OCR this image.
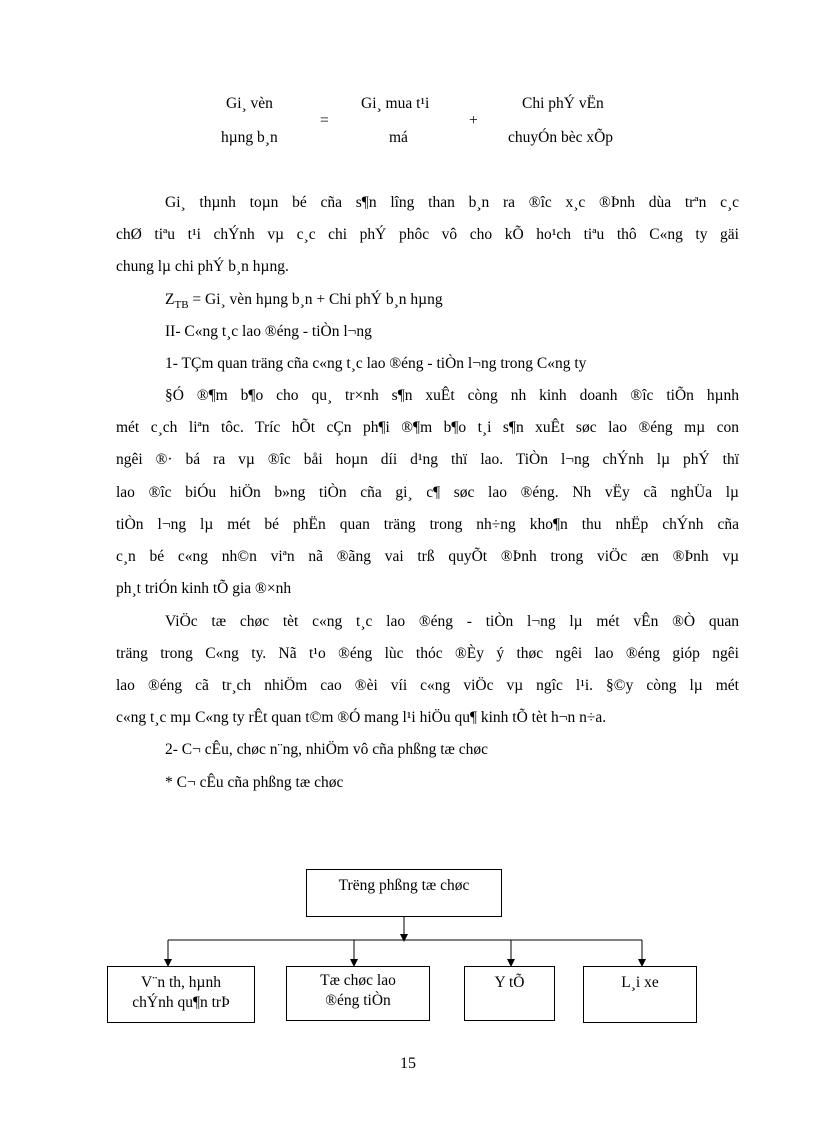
Gi¸ vèn
hµng b¸n
=
Gi¸ mua t¹i
má
+
Chi phÝ vËn
chuyÓn bèc xÕp
Gi¸ thµnh toµn bé cña s¶n lîng than b¸n ra ®îc x¸c ®Þnh dùa trªn c¸c
chØ tiªu t¹i chÝnh vµ c¸c chi phÝ phôc vô cho kÕ ho¹ch tiªu thô C«ng ty gäi
chung lµ chi phÝ b¸n hµng.
$Z_{TB}$ = Gi¸ vèn hµng b¸n + Chi phÝ b¸n hµng
II- C«ng t¸c lao ®éng - tiÒn l¬ng
1- TÇm quan träng cña c«ng t¸c lao ®éng - tiÒn l¬ng trong C«ng ty
§Ó ®¶m b¶o cho qu¸ tr×nh s¶n xuÊt còng nh kinh doanh ®îc tiÕn hµnh
mét c¸ch liªn tôc. Tríc hÕt cÇn ph¶i ®¶m b¶o t¸i s¶n xuÊt søc lao ®éng mµ con
ngêi ®· bá ra vµ ®îc båi hoµn díi d¹ng thï lao. TiÒn l¬ng chÝnh lµ phÝ thï
lao ®îc biÓu hiÖn b»ng tiÒn cña gi¸ c¶ søc lao ®éng. Nh vËy cã nghÜa lµ
tiÒn l¬ng lµ mét bé phËn quan träng trong nh÷ng kho¶n thu nhËp chÝnh cña
c¸n bé c«ng nh©n viªn nã ®ãng vai trß quyÕt ®Þnh trong viÖc æn ®Þnh vµ
ph¸t triÓn kinh tÕ gia ®×nh
ViÖc tæ chøc tèt c«ng t¸c lao ®éng - tiÒn l¬ng lµ mét vÊn ®Ò quan
träng trong C«ng ty. Nã t¹o ®éng lùc thóc ®Èy ý thøc ngêi lao ®éng gióp ngêi
lao ®éng cã tr¸ch nhiÖm cao ®èi víi c«ng viÖc vµ ngîc l¹i. §©y còng lµ mét
c«ng t¸c mµ C«ng ty rÊt quan t©m ®Ó mang l¹i hiÖu qu¶ kinh tÕ tèt h¬n n÷a.
2- C¬ cÊu, chøc n¨ng, nhiÖm vô cña phßng tæ chøc
* C¬ cÊu cña phßng tæ chøc
Trëng phßng tæ chøc
V¨n th, hµnh
chÝnh qu¶n trÞ
Tæ chøc lao
®éng tiÒn
Y tÕ	L¸i xe
15
